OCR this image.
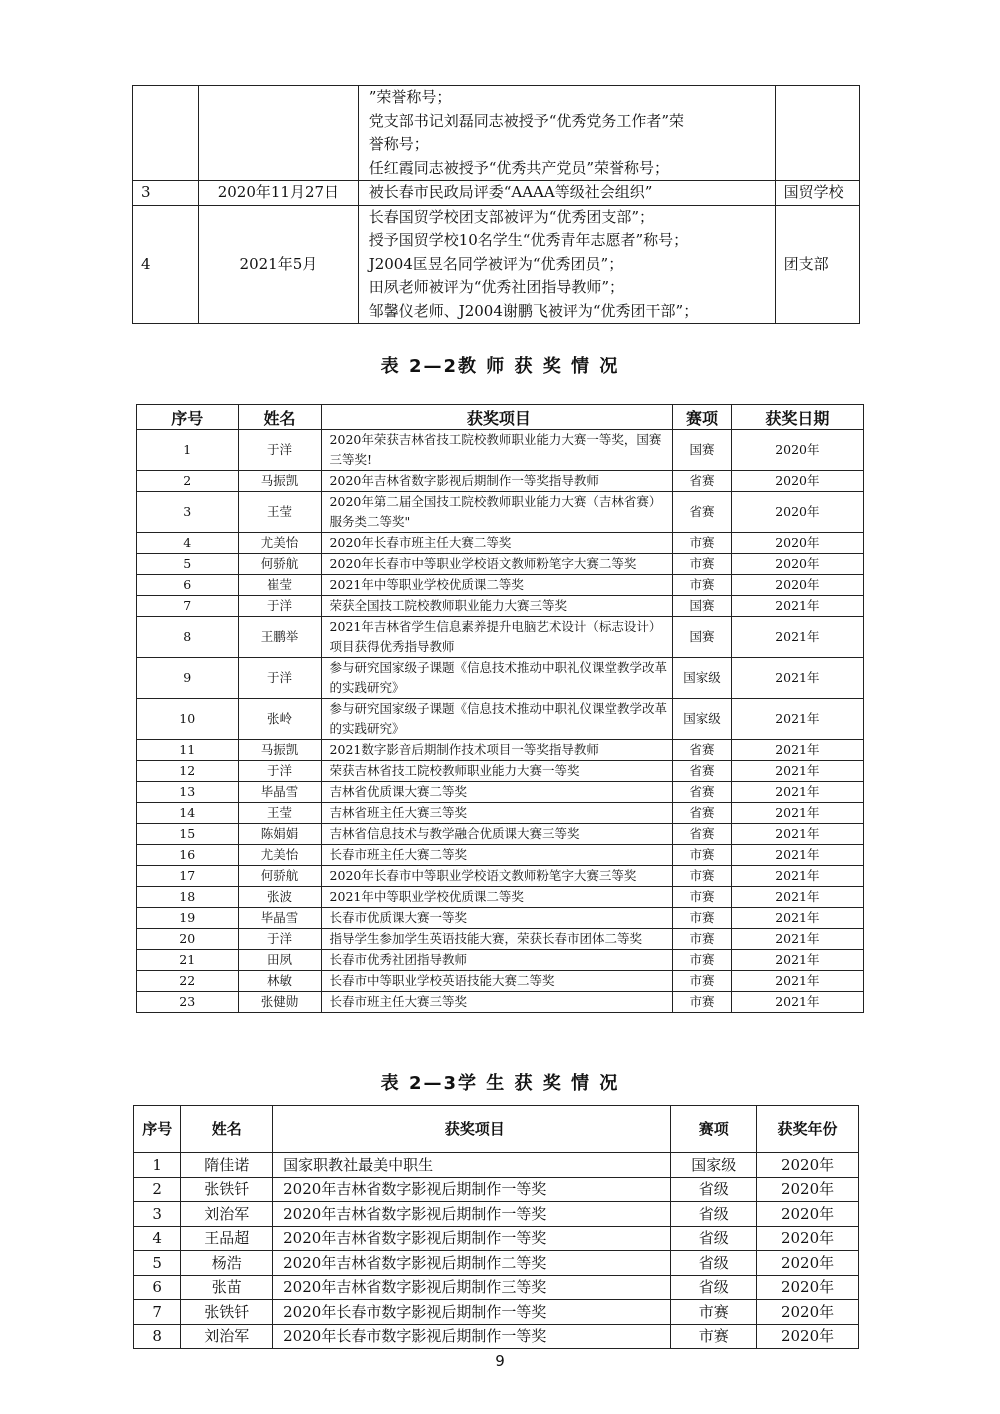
		”荣誉称号；
党支部书记刘磊同志被授予“优秀党务工作者”荣
誉称号；
任红霞同志被授予“优秀共产党员”荣誉称号；	

3	2020年11月27日	被长春市民政局评委“AAAA等级社会组织”	国贸学校
4	2021年5月	长春国贸学校团支部被评为“优秀团支部”；
授予国贸学校10名学生“优秀青年志愿者”称号；
J2004匡昱名同学被评为“优秀团员”；
田夙老师被评为“优秀社团指导教师”；
邹馨仪老师、J2004谢鹏飞被评为“优秀团干部”；	团支部
表 2—2教 师 获 奖 情 况
序号	姓名	获奖项目	赛项	获奖日期
1	于洋	2020年荣获吉林省技工院校教师职业能力大赛一等奖，国赛三等奖!	国赛	2020年
2	马振凯	2020年吉林省数字影视后期制作一等奖指导教师	省赛	2020年
3	王莹	2020年第二届全国技工院校教师职业能力大赛（吉林省赛） 服务类二等奖"	省赛	2020年
4	尤美怡	2020年长春市班主任大赛二等奖	市赛	2020年
5	何骄航	2020年长春市中等职业学校语文教师粉笔字大赛二等奖	市赛	2020年
6	崔莹	2021年中等职业学校优质课二等奖	市赛	2020年
7	于洋	荣获全国技工院校教师职业能力大赛三等奖	国赛	2021年
8	王鹏举	2021年吉林省学生信息素养提升电脑艺术设计（标志设计）项目获得优秀指导教师	国赛	2021年
9	于洋	参与研究国家级子课题《信息技术推动中职礼仪课堂教学改革的实践研究》	国家级	2021年
10	张岭	参与研究国家级子课题《信息技术推动中职礼仪课堂教学改革的实践研究》	国家级	2021年
11	马振凯	2021数字影音后期制作技术项目一等奖指导教师	省赛	2021年
12	于洋	荣获吉林省技工院校教师职业能力大赛一等奖	省赛	2021年
13	毕晶雪	吉林省优质课大赛二等奖	省赛	2021年
14	王莹	吉林省班主任大赛三等奖	省赛	2021年
15	陈娟娟	吉林省信息技术与教学融合优质课大赛三等奖	省赛	2021年
16	尤美怡	长春市班主任大赛二等奖	市赛	2021年
17	何骄航	2020年长春市中等职业学校语文教师粉笔字大赛三等奖	市赛	2021年
18	张波	2021年中等职业学校优质课二等奖	市赛	2021年
19	毕晶雪	长春市优质课大赛一等奖	市赛	2021年
20	于洋	指导学生参加学生英语技能大赛，荣获长春市团体二等奖	市赛	2021年
21	田夙	长春市优秀社团指导教师	市赛	2021年
22	林敏	长春市中等职业学校英语技能大赛二等奖	市赛	2021年
23	张健勋	长春市班主任大赛三等奖	市赛	2021年
表 2—3学 生 获 奖 情 况
序号	姓名	获奖项目	赛项	获奖年份
1	隋佳诺	国家职教社最美中职生	国家级	2020年
2	张铁钎	2020年吉林省数字影视后期制作一等奖	省级	2020年
3	刘治军	2020年吉林省数字影视后期制作一等奖	省级	2020年
4	王品超	2020年吉林省数字影视后期制作一等奖	省级	2020年
5	杨浩	2020年吉林省数字影视后期制作二等奖	省级	2020年
6	张苗	2020年吉林省数字影视后期制作三等奖	省级	2020年
7	张铁钎	2020年长春市数字影视后期制作一等奖	市赛	2020年
8	刘治军	2020年长春市数字影视后期制作一等奖	市赛	2020年
9
